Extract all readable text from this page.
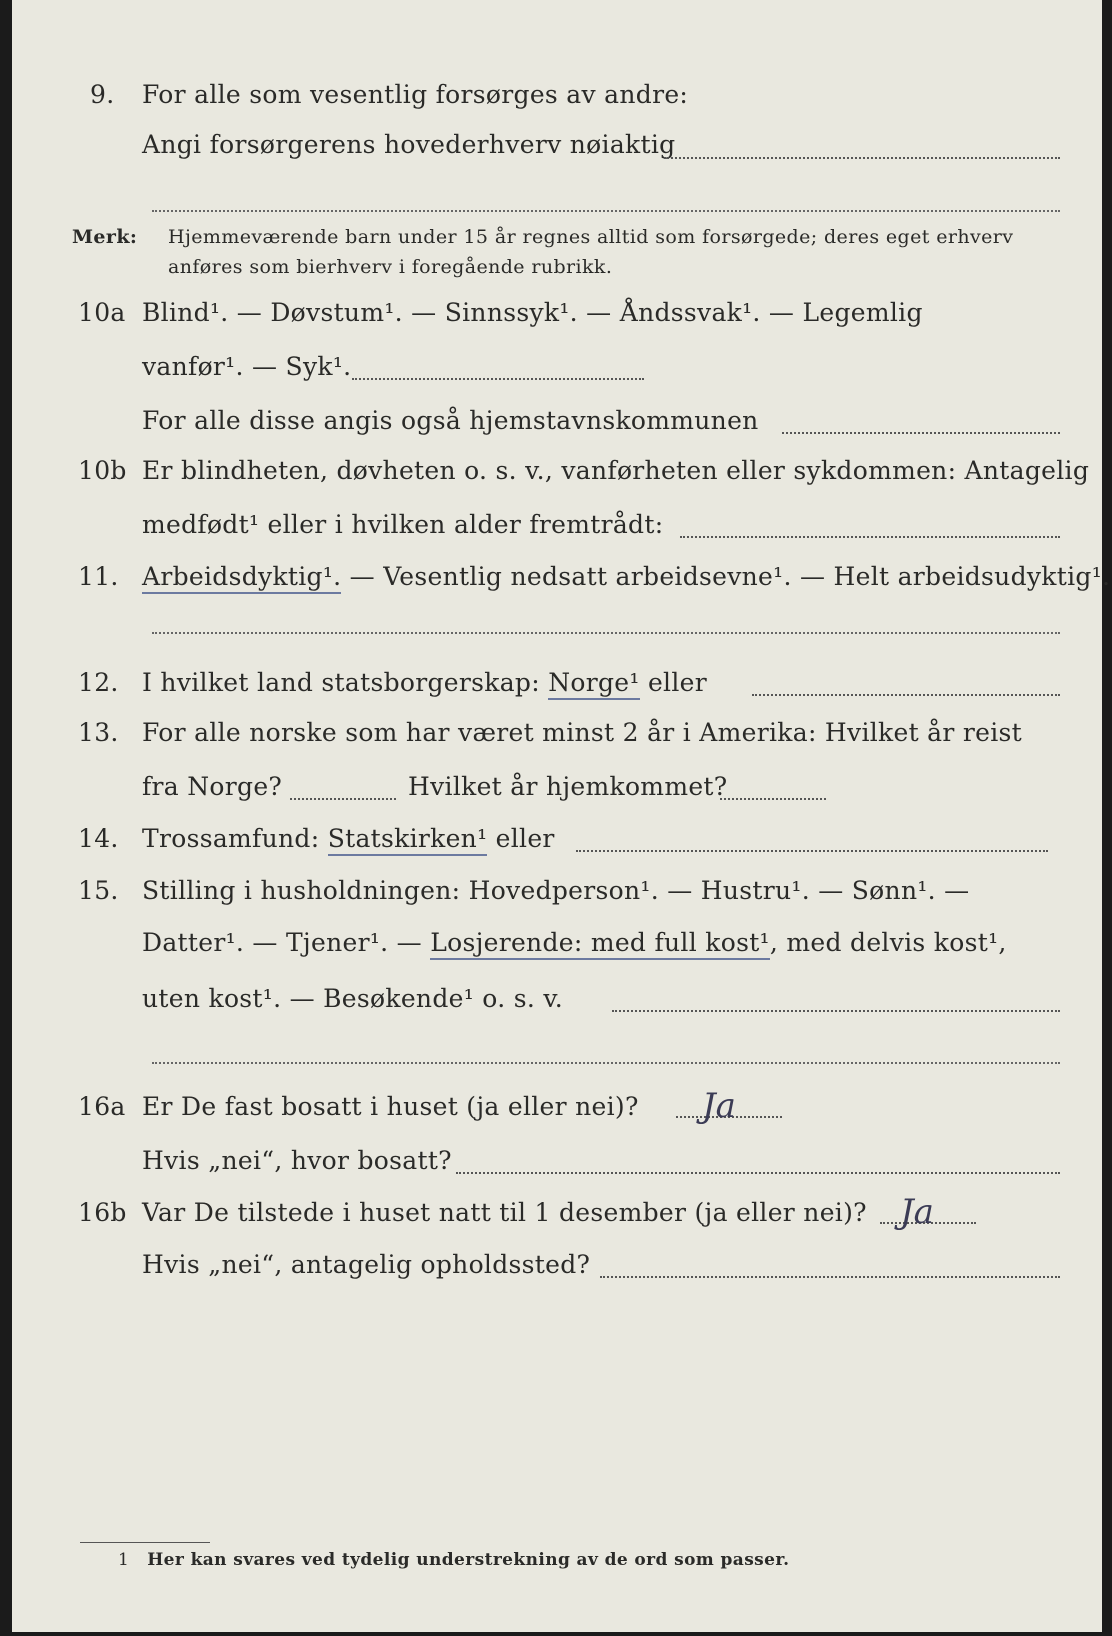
9.	For alle som vesentlig forsørges av andre:
Angi forsørgerens hovederhverv nøiaktig
Merk: Hjemmeværende barn under 15 år regnes alltid som forsørgede; deres eget erhverv
anføres som bierhverv i foregående rubrikk.
10a Blind¹. — Døvstum¹. — Sinnssyk¹. — Åndssvak¹. — Legemlig
vanfør¹. — Syk¹.
For alle disse angis også hjemstavnskommunen
10b Er blindheten, døvheten o. s. v., vanførheten eller sykdommen: Antagelig
medfødt¹ eller i hvilken alder fremtrådt:
11. Arbeidsdyktig¹. — Vesentlig nedsatt arbeidsevne¹. — Helt arbeidsudyktig¹.
12. I hvilket land statsborgerskap: Norge¹ eller
13. For alle norske som har været minst 2 år i Amerika: Hvilket år reist
fra Norge?	Hvilket år hjemkommet?
14. Trossamfund: Statskirken¹ eller
15. Stilling i husholdningen: Hovedperson¹. — Hustru¹. — Sønn¹. —
Datter¹. — Tjener¹. — Losjerende: med full kost¹, med delvis kost¹,
uten kost¹. — Besøkende¹ o. s. v.
16a Er De fast bosatt i huset (ja eller nei)? Ja
Hvis „nei“, hvor bosatt?
16b Var De tilstede i huset natt til 1 desember (ja eller nei)? Ja
Hvis „nei“, antagelig opholdssted?
1 Her kan svares ved tydelig understrekning av de ord som passer.
